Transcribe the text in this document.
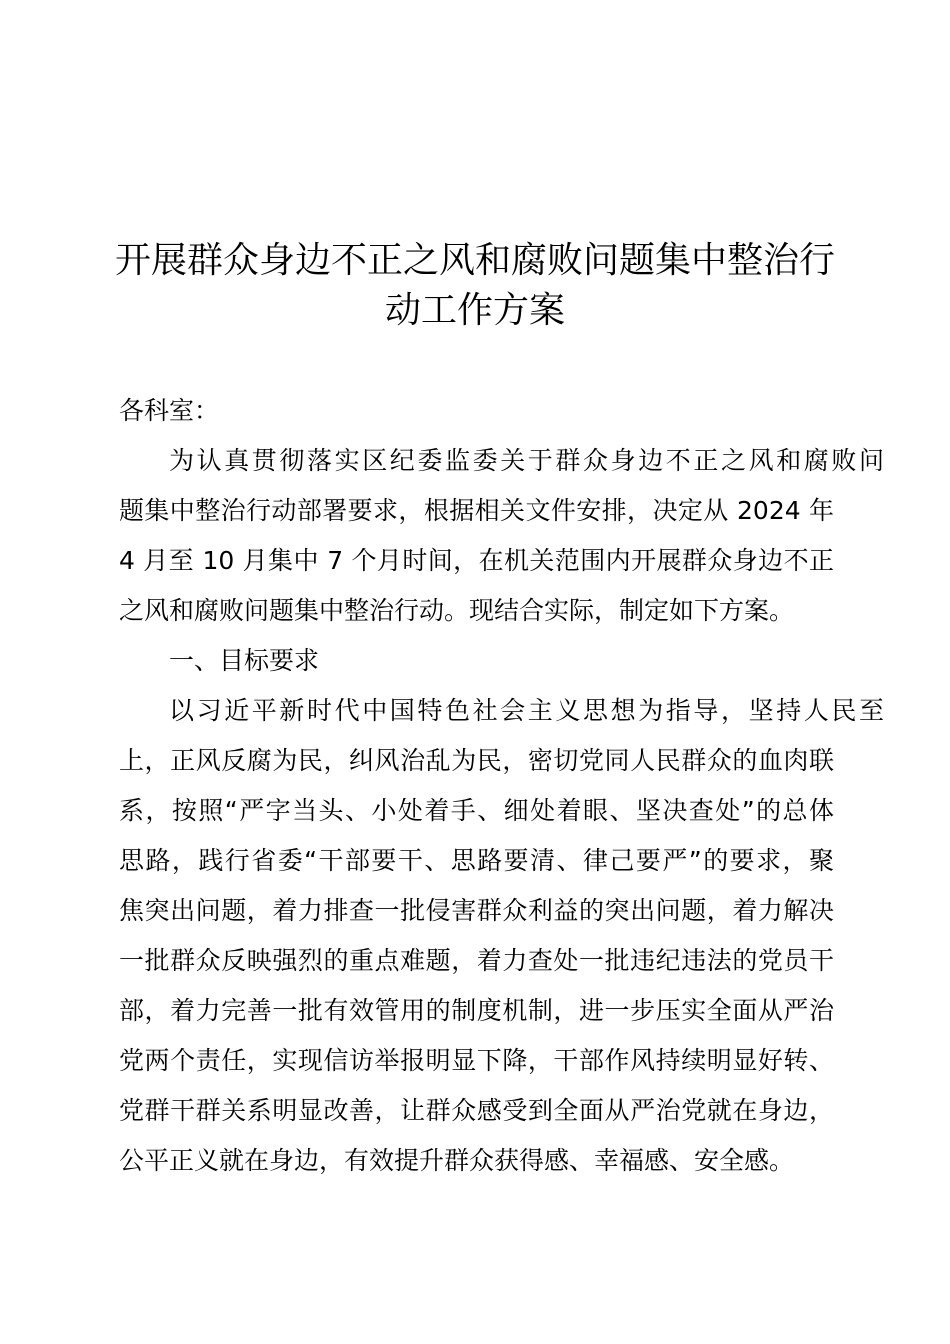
开展群众身边不正之风和腐败问题集中整治行
动工作方案

各科室：

为认真贯彻落实区纪委监委关于群众身边不正之风和腐败问

题集中整治行动部署要求，根据相关文件安排，决定从 2024 年

4 月至 10 月集中 7 个月时间，在机关范围内开展群众身边不正

之风和腐败问题集中整治行动。现结合实际，制定如下方案。

一、目标要求

以习近平新时代中国特色社会主义思想为指导，坚持人民至

上，正风反腐为民，纠风治乱为民，密切党同人民群众的血肉联

系，按照“严字当头、小处着手、细处着眼、坚决查处”的总体

思路，践行省委“干部要干、思路要清、律己要严”的要求，聚

焦突出问题，着力排查一批侵害群众利益的突出问题，着力解决

一批群众反映强烈的重点难题，着力查处一批违纪违法的党员干

部，着力完善一批有效管用的制度机制，进一步压实全面从严治

党两个责任，实现信访举报明显下降，干部作风持续明显好转、

党群干群关系明显改善，让群众感受到全面从严治党就在身边，

公平正义就在身边，有效提升群众获得感、幸福感、安全感。
